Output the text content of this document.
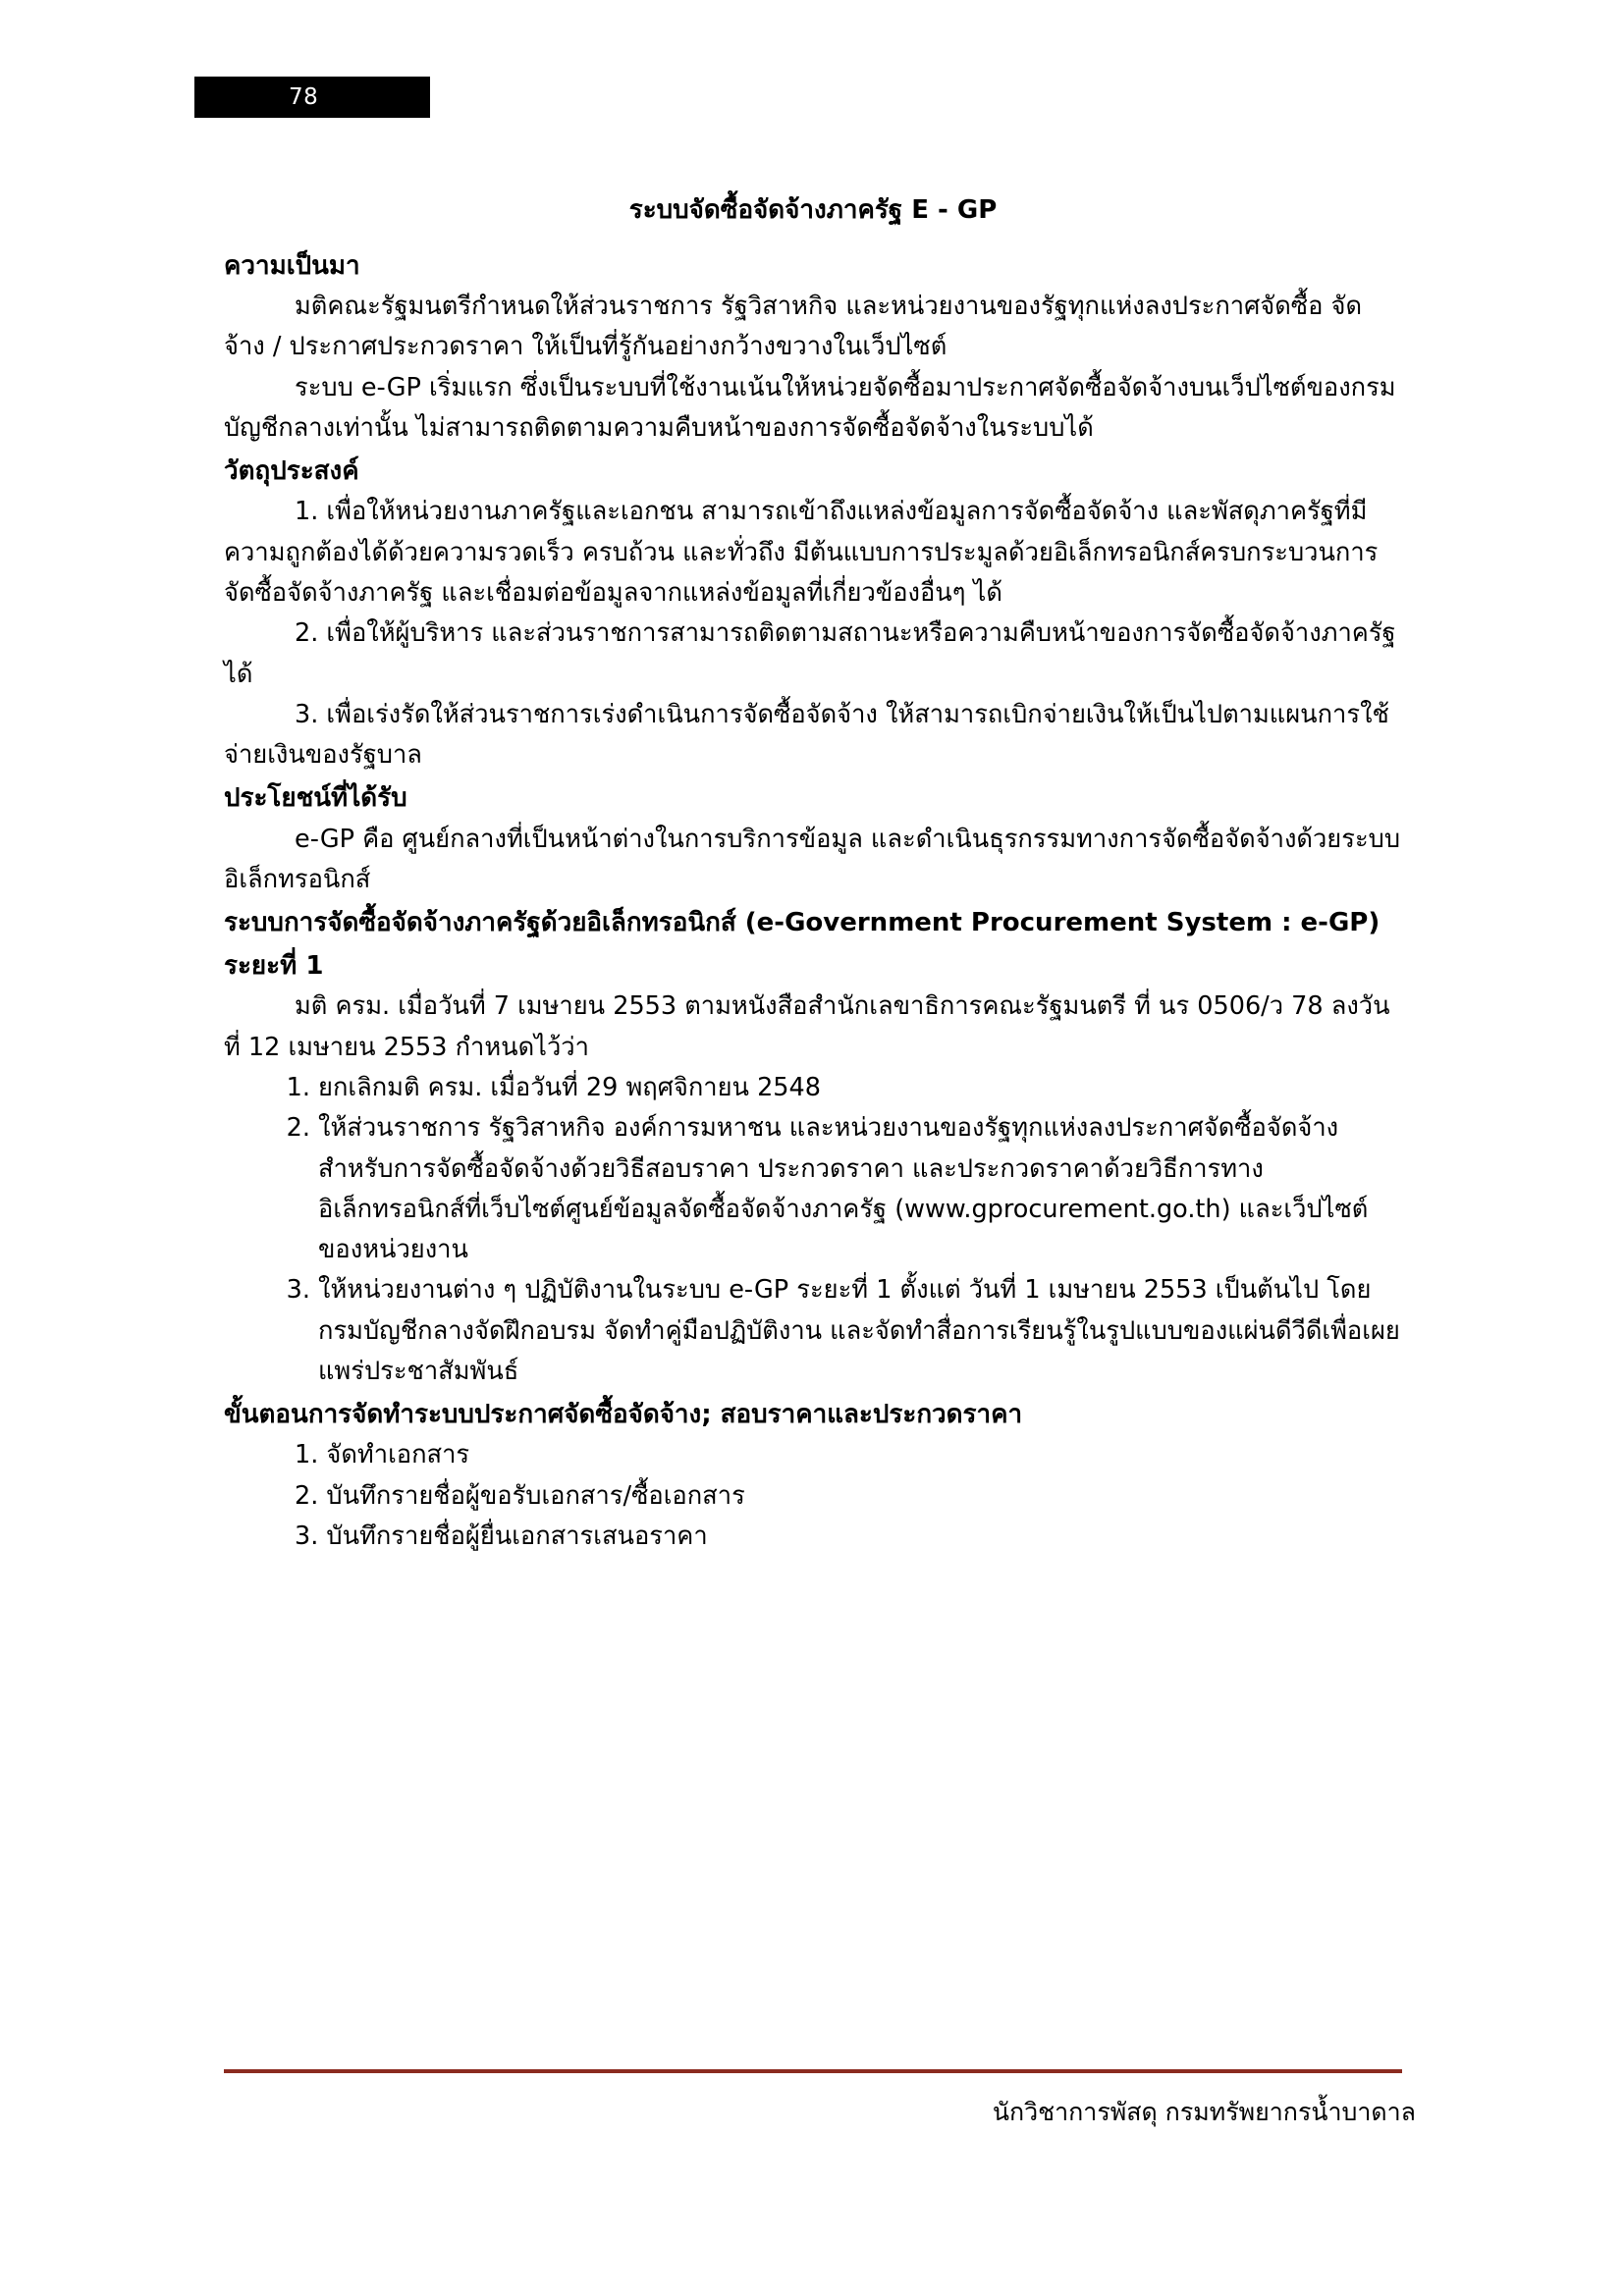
78
ระบบจัดซื้อจัดจ้างภาครัฐ E - GP
ความเป็นมา

มติคณะรัฐมนตรีกำหนดให้ส่วนราชการ รัฐวิสาหกิจ และหน่วยงานของรัฐทุกแห่งลงประกาศจัดซื้อ จัดจ้าง / ประกาศประกวดราคา ให้เป็นที่รู้กันอย่างกว้างขวางในเว็ปไซต์

ระบบ e-GP เริ่มแรก ซึ่งเป็นระบบที่ใช้งานเน้นให้หน่วยจัดซื้อมาประกาศจัดซื้อจัดจ้างบนเว็ปไซต์ของกรมบัญชีกลางเท่านั้น ไม่สามารถติดตามความคืบหน้าของการจัดซื้อจัดจ้างในระบบได้

วัตถุประสงค์

1. เพื่อให้หน่วยงานภาครัฐและเอกชน สามารถเข้าถึงแหล่งข้อมูลการจัดซื้อจัดจ้าง และพัสดุภาครัฐที่มีความถูกต้องได้ด้วยความรวดเร็ว ครบถ้วน และทั่วถึง มีต้นแบบการประมูลด้วยอิเล็กทรอนิกส์ครบกระบวนการจัดซื้อจัดจ้างภาครัฐ และเชื่อมต่อข้อมูลจากแหล่งข้อมูลที่เกี่ยวข้องอื่นๆ ได้

2. เพื่อให้ผู้บริหาร และส่วนราชการสามารถติดตามสถานะหรือความคืบหน้าของการจัดซื้อจัดจ้างภาครัฐได้

3. เพื่อเร่งรัดให้ส่วนราชการเร่งดำเนินการจัดซื้อจัดจ้าง ให้สามารถเบิกจ่ายเงินให้เป็นไปตามแผนการใช้จ่ายเงินของรัฐบาล

ประโยชน์ที่ได้รับ

e-GP คือ ศูนย์กลางที่เป็นหน้าต่างในการบริการข้อมูล และดำเนินธุรกรรมทางการจัดซื้อจัดจ้างด้วยระบบอิเล็กทรอนิกส์

ระบบการจัดซื้อจัดจ้างภาครัฐด้วยอิเล็กทรอนิกส์ (e-Government Procurement System : e-GP)
ระยะที่ 1

มติ ครม. เมื่อวันที่ 7 เมษายน 2553 ตามหนังสือสำนักเลขาธิการคณะรัฐมนตรี ที่ นร 0506/ว 78 ลงวันที่ 12 เมษายน 2553 กำหนดไว้ว่า

1. ยกเลิกมติ ครม. เมื่อวันที่ 29 พฤศจิกายน 2548
2. ให้ส่วนราชการ รัฐวิสาหกิจ องค์การมหาชน และหน่วยงานของรัฐทุกแห่งลงประกาศจัดซื้อจัดจ้าง สำหรับการจัดซื้อจัดจ้างด้วยวิธีสอบราคา ประกวดราคา และประกวดราคาด้วยวิธีการทางอิเล็กทรอนิกส์ที่เว็บไซต์ศูนย์ข้อมูลจัดซื้อจัดจ้างภาครัฐ (www.gprocurement.go.th) และเว็ปไซต์ของหน่วยงาน
3. ให้หน่วยงานต่าง ๆ ปฏิบัติงานในระบบ e-GP ระยะที่ 1 ตั้งแต่ วันที่ 1 เมษายน 2553 เป็นต้นไป โดยกรมบัญชีกลางจัดฝึกอบรม จัดทำคู่มือปฏิบัติงาน และจัดทำสื่อการเรียนรู้ในรูปแบบของแผ่นดีวีดีเพื่อเผยแพร่ประชาสัมพันธ์
ขั้นตอนการจัดทำระบบประกาศจัดซื้อจัดจ้าง; สอบราคาและประกวดราคา
1. จัดทำเอกสาร
2. บันทึกรายชื่อผู้ขอรับเอกสาร/ซื้อเอกสาร
3. บันทึกรายชื่อผู้ยื่นเอกสารเสนอราคา
นักวิชาการพัสดุ กรมทรัพยากรน้ำบาดาล
